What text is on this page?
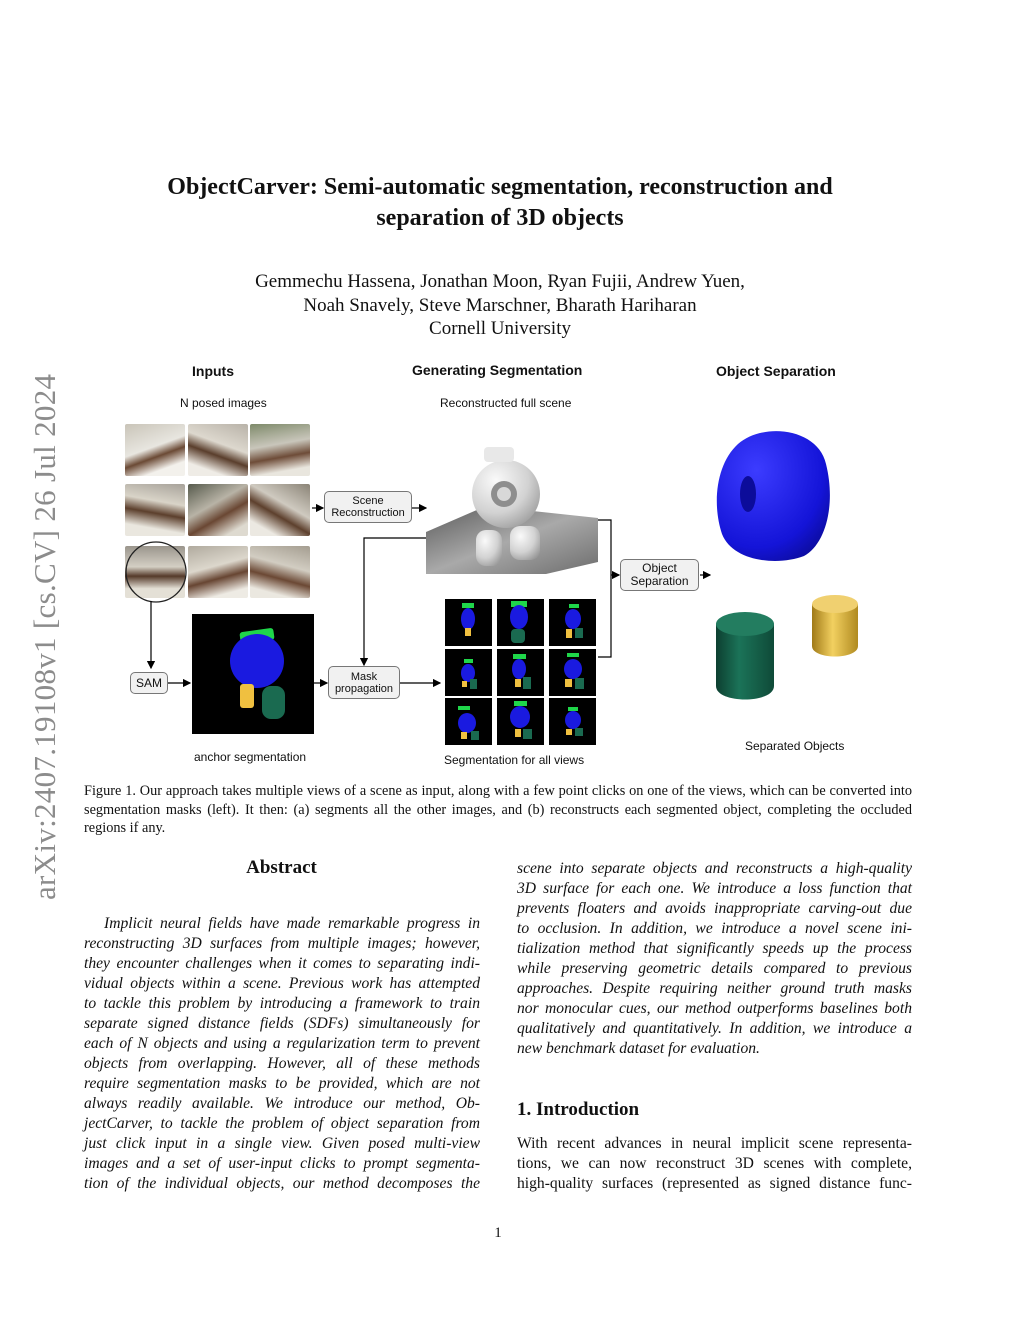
arXiv:2407.19108v1 [cs.CV] 26 Jul 2024
ObjectCarver: Semi-automatic segmentation, reconstruction and
separation of 3D objects
Gemmechu Hassena, Jonathan Moon, Ryan Fujii, Andrew Yuen,
Noah Snavely, Steve Marschner, Bharath Hariharan
Cornell University
Inputs
N posed images
Generating Segmentation
Reconstructed full scene
Object Separation
Scene
Reconstruction
SAM	Mask
propagation
Object
Separation
anchor segmentation	Segmentation for all views
Separated Objects
Figure 1. Our approach takes multiple views of a scene as input, along with a few point clicks on one of the views, which can be converted into segmentation masks (left). It then: (a) segments all the other images, and (b) reconstructs each segmented object, completing the occluded regions if any.
Abstract
Implicit neural fields have made remarkable progress in
reconstructing 3D surfaces from multiple images; however,
they encounter challenges when it comes to separating indi-
vidual objects within a scene. Previous work has attempted
to tackle this problem by introducing a framework to train
separate signed distance fields (SDFs) simultaneously for
each of N objects and using a regularization term to prevent
objects from overlapping. However, all of these methods
require segmentation masks to be provided, which are not
always readily available. We introduce our method, Ob-
jectCarver, to tackle the problem of object separation from
just click input in a single view. Given posed multi-view
images and a set of user-input clicks to prompt segmenta-
tion of the individual objects, our method decomposes the
scene into separate objects and reconstructs a high-quality
3D surface for each one. We introduce a loss function that
prevents floaters and avoids inappropriate carving-out due
to occlusion. In addition, we introduce a novel scene ini-
tialization method that significantly speeds up the process
while preserving geometric details compared to previous
approaches. Despite requiring neither ground truth masks
nor monocular cues, our method outperforms baselines both
qualitatively and quantitatively. In addition, we introduce a
new benchmark dataset for evaluation.
1. Introduction
With recent advances in neural implicit scene representa-
tions, we can now reconstruct 3D scenes with complete,
high-quality surfaces (represented as signed distance func-
1
